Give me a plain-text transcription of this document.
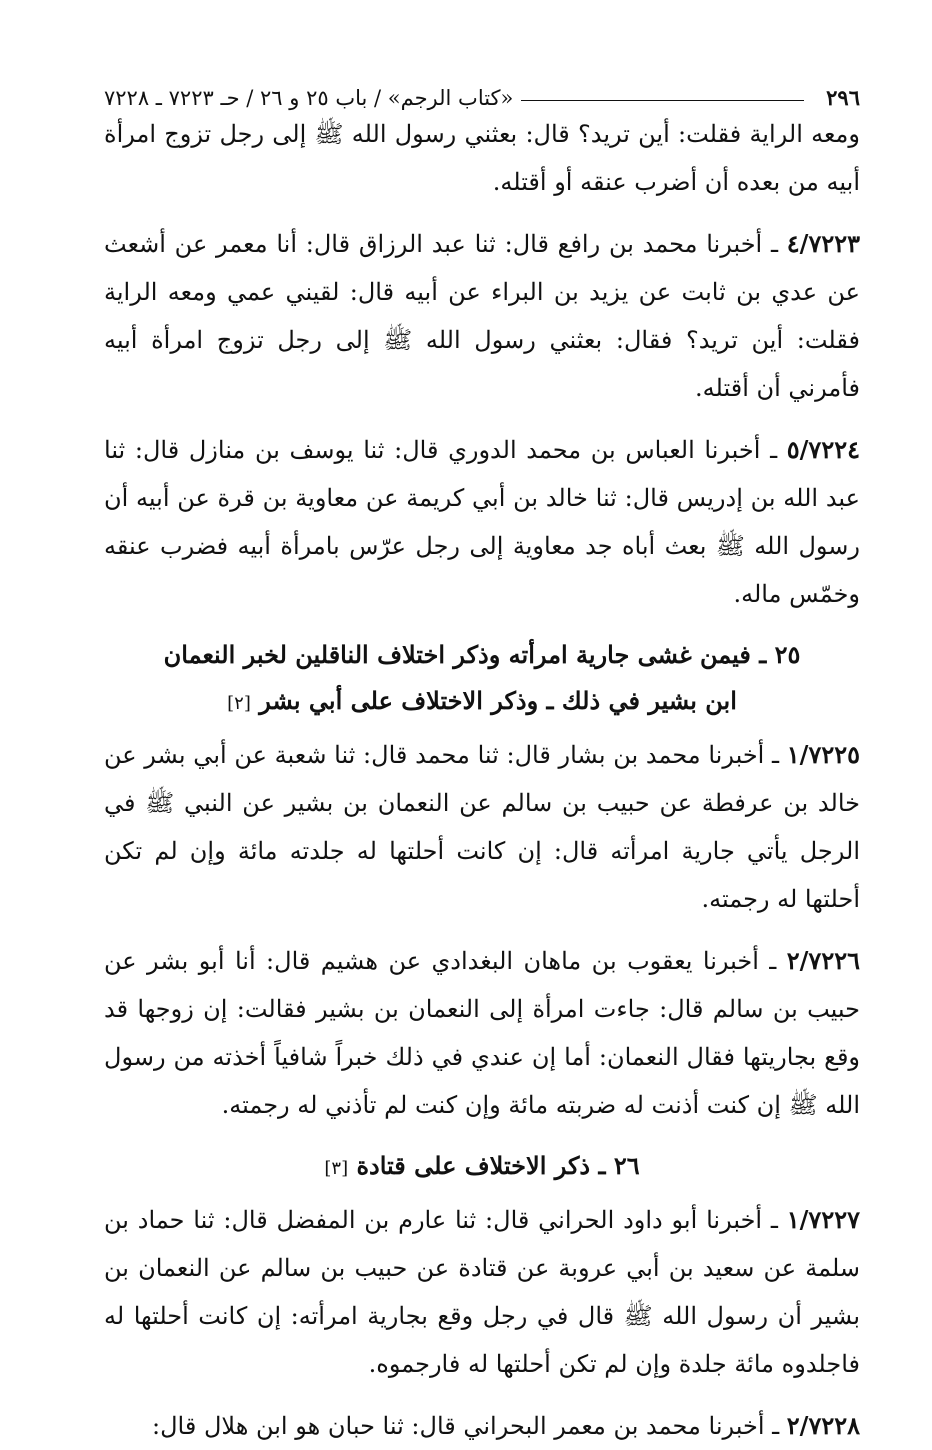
٢٩٦
«كتاب الرجم» / باب ٢٥ و ٢٦ / حـ ٧٢٢٣ ـ ٧٢٢٨

ومعه الراية فقلت: أين تريد؟ قال: بعثني رسول الله ﷺ إلى رجل تزوج امرأة أبيه من بعده أن أضرب عنقه أو أقتله.

٤/٧٢٢٣ ـ أخبرنا محمد بن رافع قال: ثنا عبد الرزاق قال: أنا معمر عن أشعث عن عدي بن ثابت عن يزيد بن البراء عن أبيه قال: لقيني عمي ومعه الراية فقلت: أين تريد؟ فقال: بعثني رسول الله ﷺ إلى رجل تزوج امرأة أبيه فأمرني أن أقتله.

٥/٧٢٢٤ ـ أخبرنا العباس بن محمد الدوري قال: ثنا يوسف بن منازل قال: ثنا عبد الله بن إدريس قال: ثنا خالد بن أبي كريمة عن معاوية بن قرة عن أبيه أن رسول الله ﷺ بعث أباه جد معاوية إلى رجل عرّس بامرأة أبيه فضرب عنقه وخمّس ماله.

٢٥ ـ فيمن غشى جارية امرأته وذكر اختلاف الناقلين لخبر النعمان
ابن بشير في ذلك ـ وذكر الاختلاف على أبي بشر [٢]

١/٧٢٢٥ ـ أخبرنا محمد بن بشار قال: ثنا محمد قال: ثنا شعبة عن أبي بشر عن خالد بن عرفطة عن حبيب بن سالم عن النعمان بن بشير عن النبي ﷺ في الرجل يأتي جارية امرأته قال: إن كانت أحلتها له جلدته مائة وإن لم تكن أحلتها له رجمته.

٢/٧٢٢٦ ـ أخبرنا يعقوب بن ماهان البغدادي عن هشيم قال: أنا أبو بشر عن حبيب بن سالم قال: جاءت امرأة إلى النعمان بن بشير فقالت: إن زوجها قد وقع بجاريتها فقال النعمان: أما إن عندي في ذلك خبراً شافياً أخذته من رسول الله ﷺ إن كنت أذنت له ضربته مائة وإن كنت لم تأذني له رجمته.

٢٦ ـ ذكر الاختلاف على قتادة [٣]

١/٧٢٢٧ ـ أخبرنا أبو داود الحراني قال: ثنا عارم بن المفضل قال: ثنا حماد بن سلمة عن سعيد بن أبي عروبة عن قتادة عن حبيب بن سالم عن النعمان بن بشير أن رسول الله ﷺ قال في رجل وقع بجارية امرأته: إن كانت أحلتها له فاجلدوه مائة جلدة وإن لم تكن أحلتها له فارجموه.

٢/٧٢٢٨ ـ أخبرنا محمد بن معمر البحراني قال: ثنا حبان هو ابن هلال قال:
